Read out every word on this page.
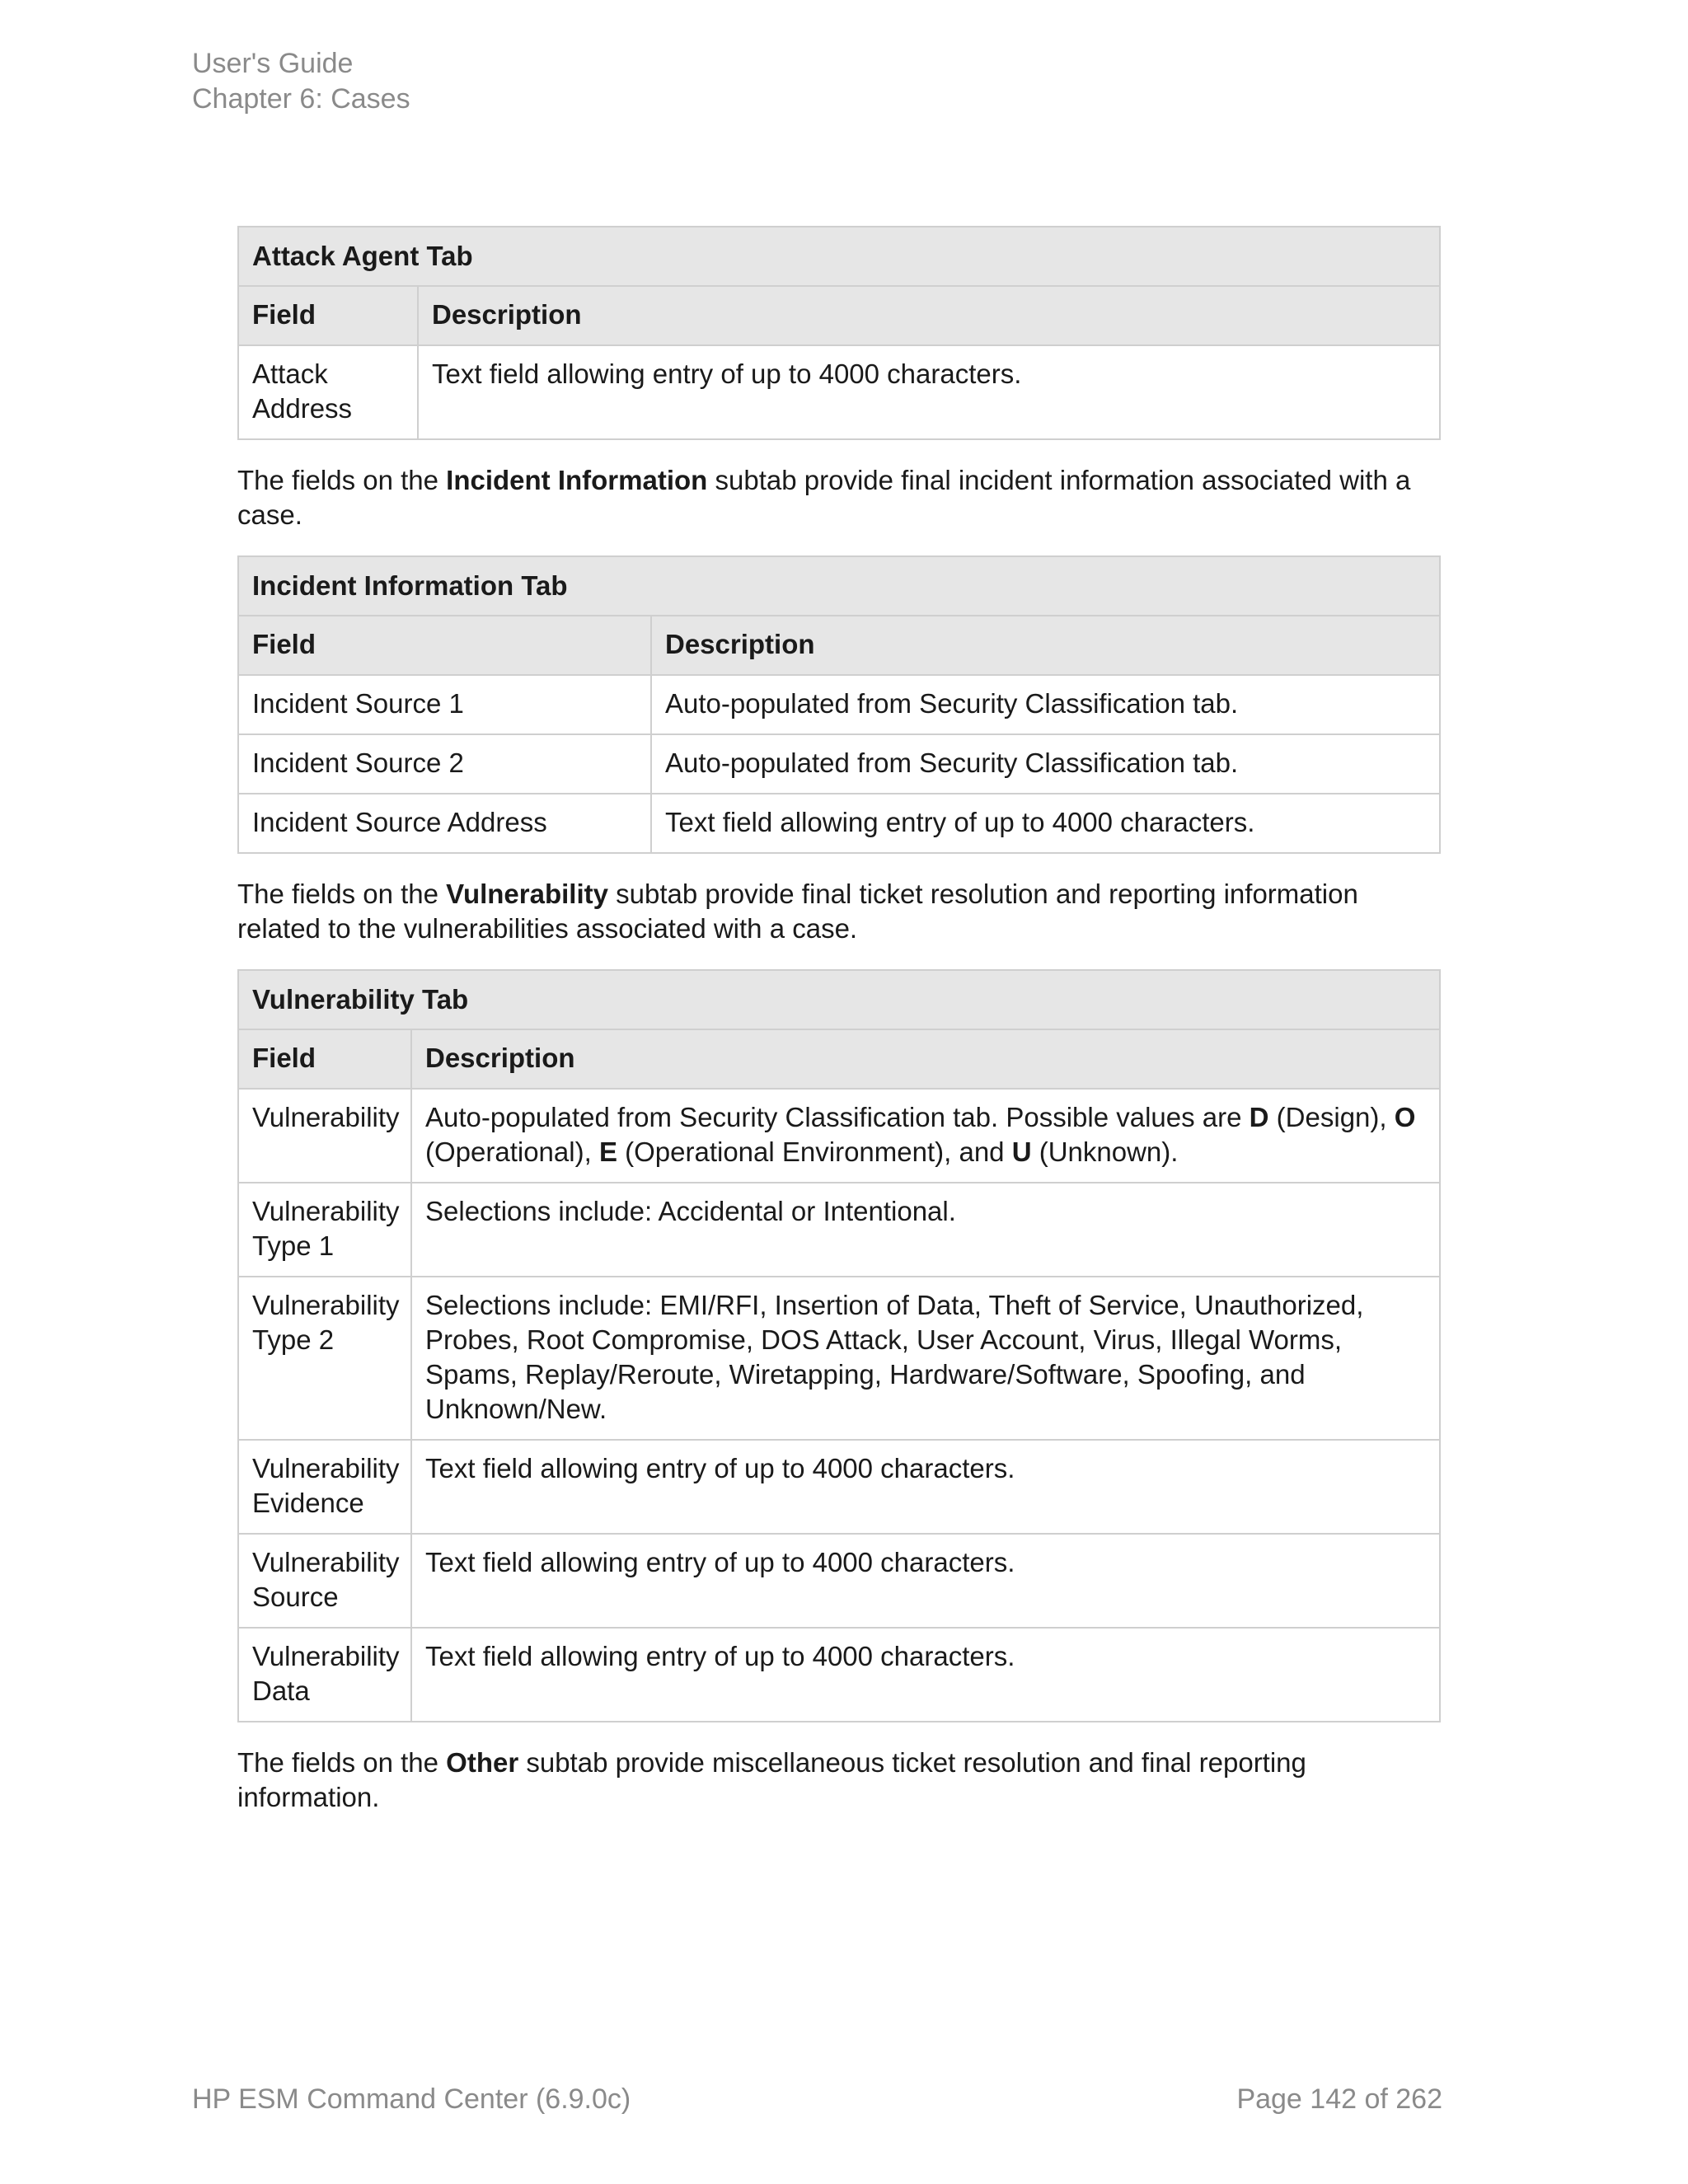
User's Guide
Chapter 6: Cases
Attack Agent Tab	
Field	Description
Attack Address	Text field allowing entry of up to 4000 characters.

The fields on the Incident Information subtab provide final incident information associated with a case.

Incident Information Tab	
Field	Description
Incident Source 1	Auto-populated from Security Classification tab.
Incident Source 2	Auto-populated from Security Classification tab.
Incident Source Address	Text field allowing entry of up to 4000 characters.

The fields on the Vulnerability subtab provide final ticket resolution and reporting information related to the vulnerabilities associated with a case.

Vulnerability Tab	
Field	Description
Vulnerability	Auto-populated from Security Classification tab. Possible values are D (Design), O (Operational), E (Operational Environment), and U (Unknown).
Vulnerability Type 1	Selections include: Accidental or Intentional.
Vulnerability Type 2	Selections include: EMI/RFI, Insertion of Data, Theft of Service, Unauthorized, Probes, Root Compromise, DOS Attack, User Account, Virus, Illegal Worms, Spams, Replay/Reroute, Wiretapping, Hardware/Software, Spoofing, and Unknown/New.
Vulnerability Evidence	Text field allowing entry of up to 4000 characters.
Vulnerability Source	Text field allowing entry of up to 4000 characters.
Vulnerability Data	Text field allowing entry of up to 4000 characters.

The fields on the Other subtab provide miscellaneous ticket resolution and final reporting information.

HP ESM Command Center (6.9.0c)	Page 142 of 262
